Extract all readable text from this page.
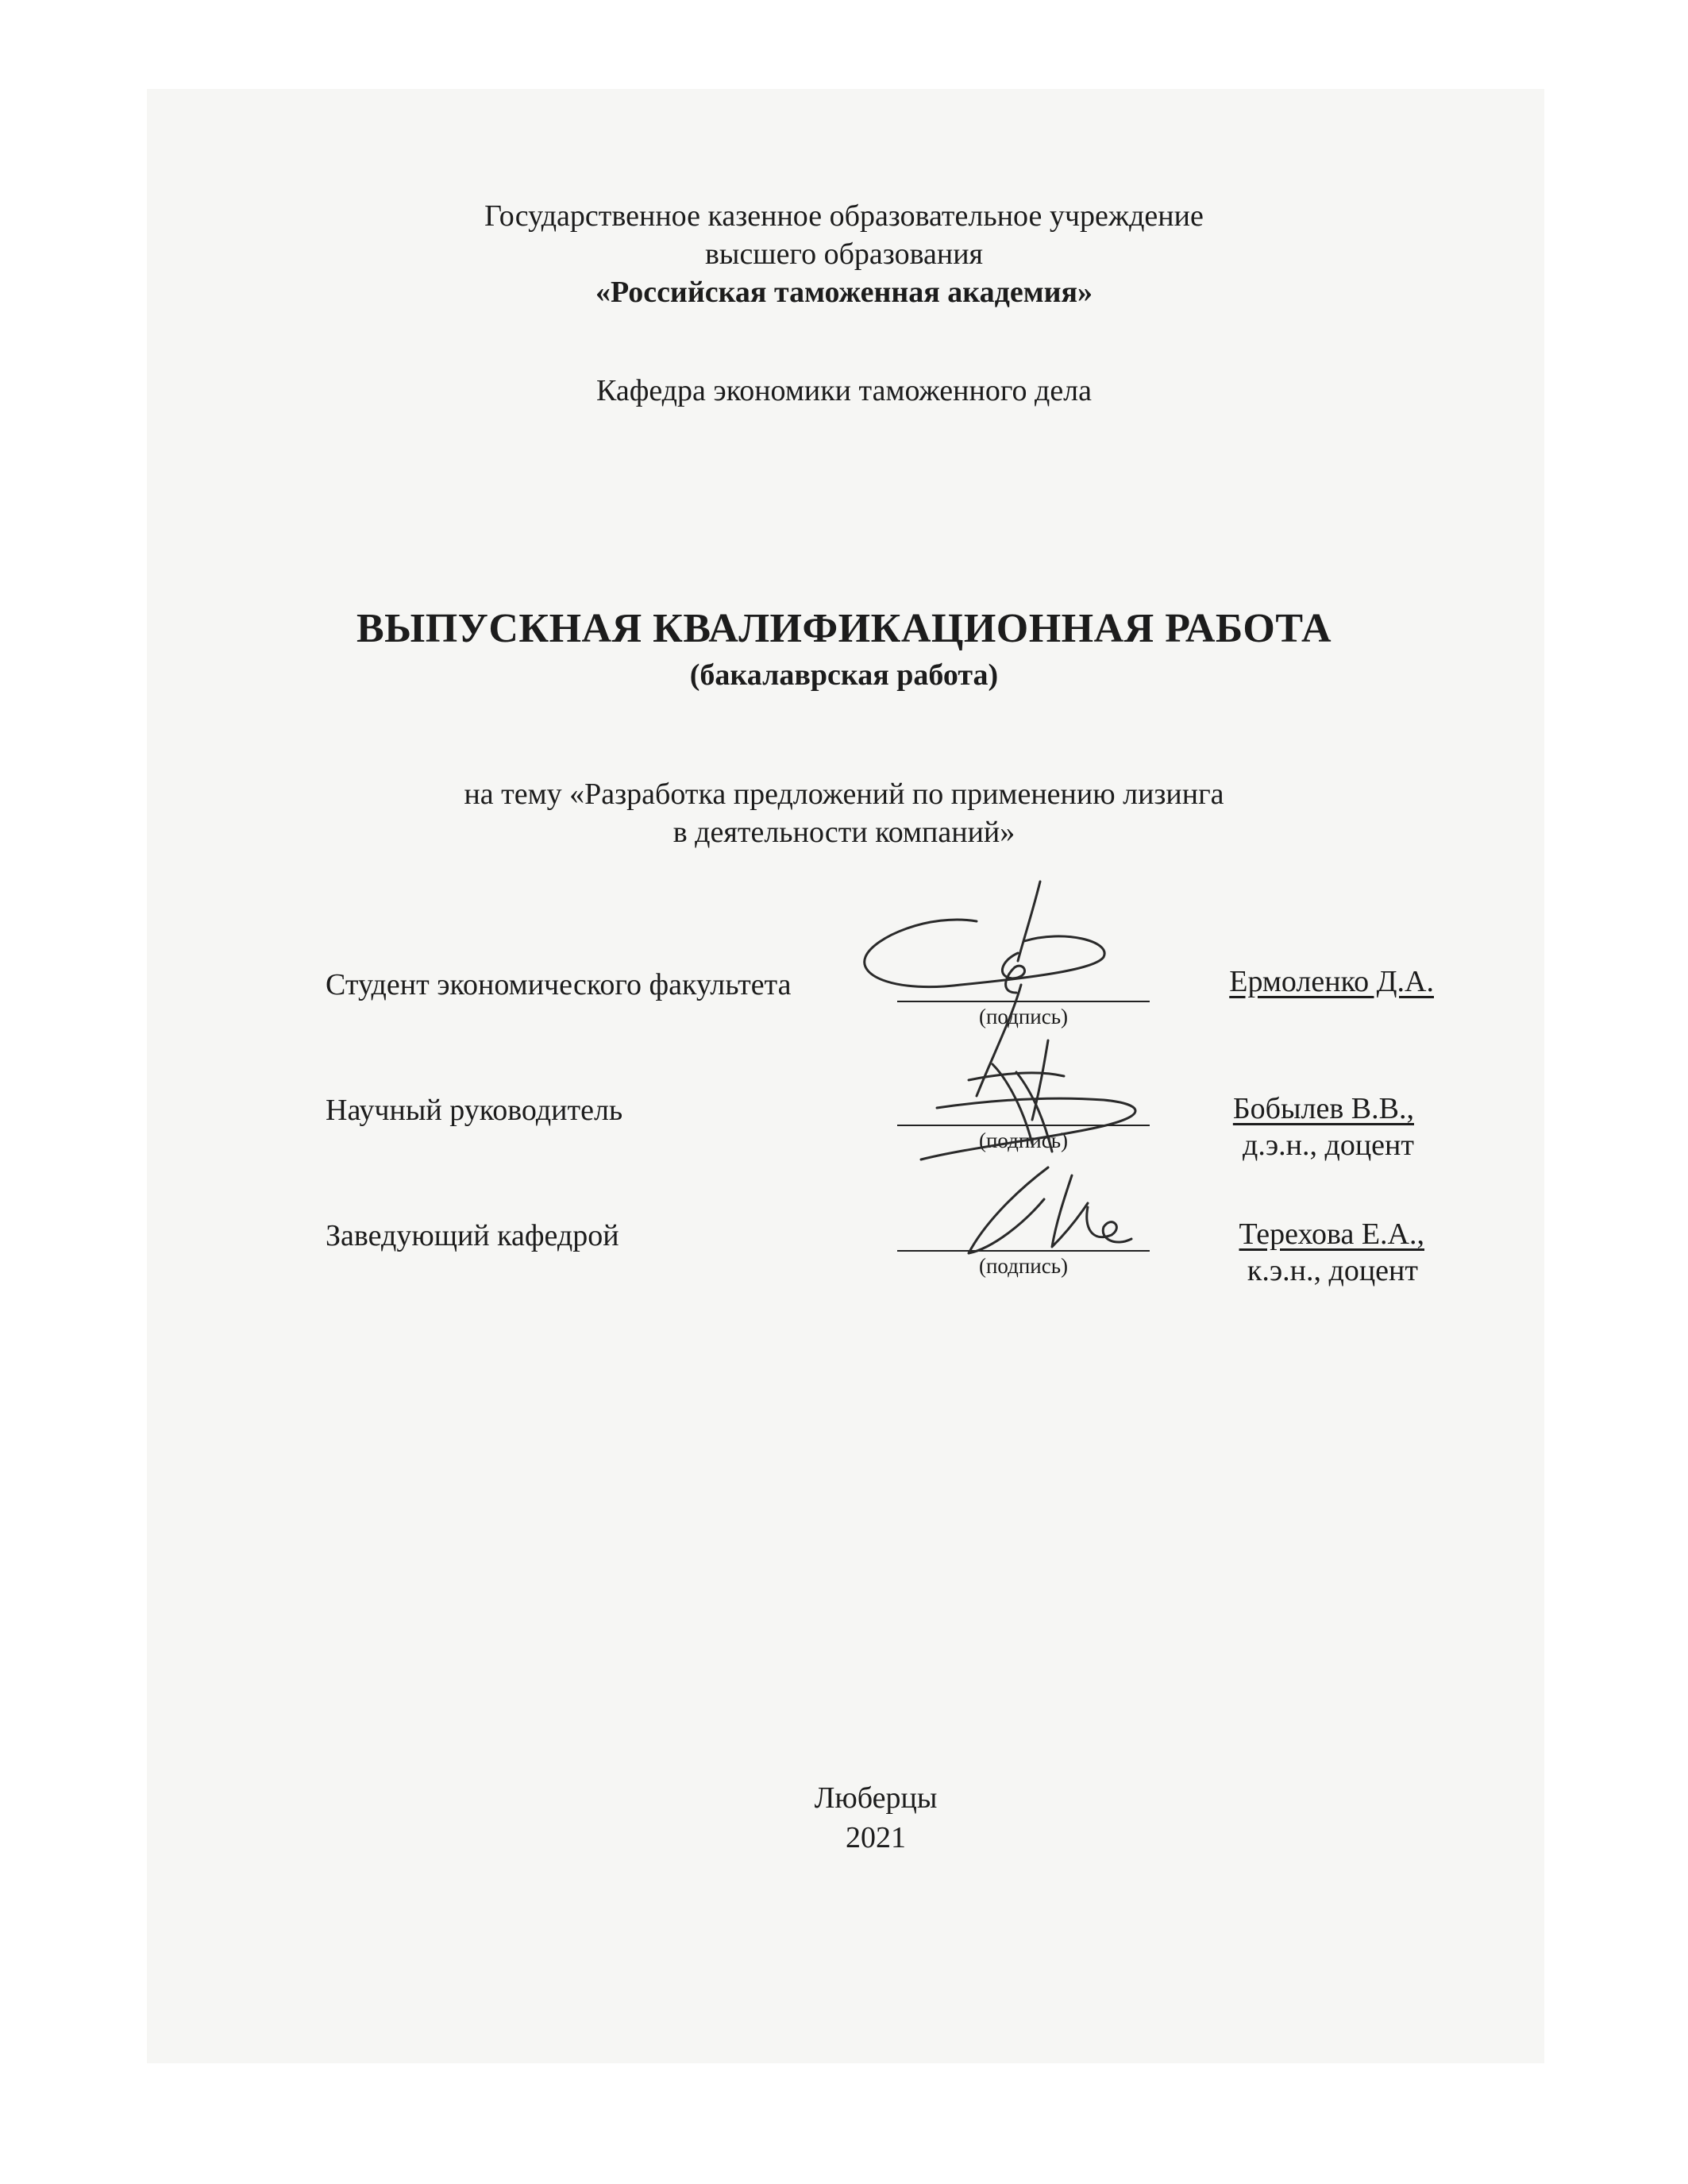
Государственное казенное образовательное учреждение
высшего образования
«Российская таможенная академия»
Кафедра экономики таможенного дела
ВЫПУСКНАЯ КВАЛИФИКАЦИОННАЯ РАБОТА
(бакалаврская работа)
на тему «Разработка предложений по применению лизинга
в деятельности компаний»
Студент экономического факультета
(подпись)
Ермоленко Д.А.
Научный руководитель
(подпись)
Бобылев В.В.,
д.э.н., доцент
Заведующий кафедрой
(подпись)
Терехова Е.А.,
к.э.н., доцент
Люберцы
2021
